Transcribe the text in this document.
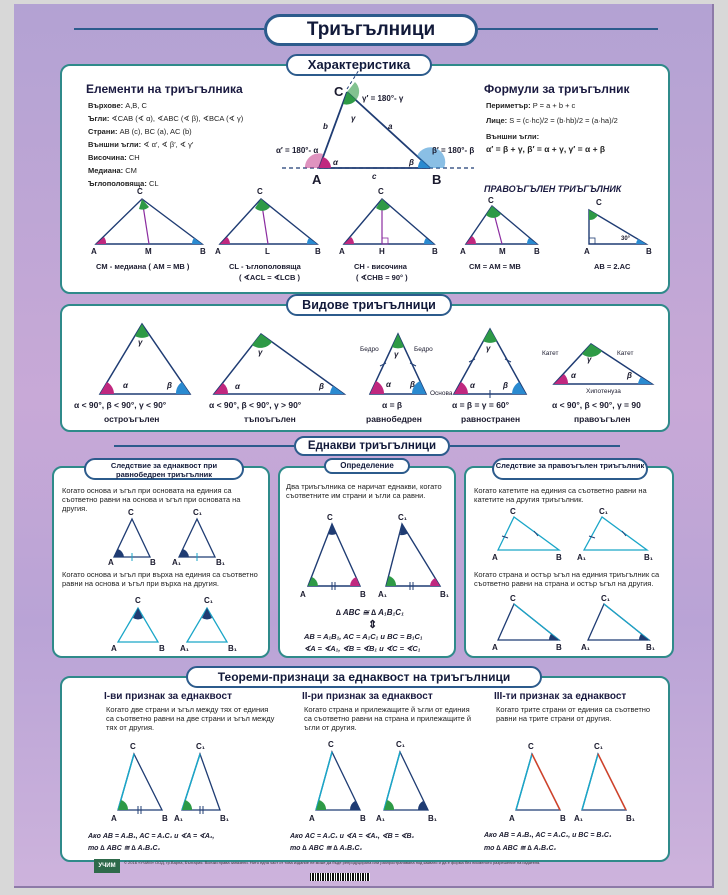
Триъгълници
Характеристика
Елементи на триъгълника
Върхове: A,B, C
Ъгли: ∢CAB (∢ α), ∢ABC (∢ β), ∢BCA (∢ γ)
Страни: AB (c), BC (a), AC (b)
Външни ъгли: ∢ α′, ∢ β′, ∢ γ′
Височина: CH
Медиана: CM
Ъглополовяща: CL
C
A	B
b	a
c
γ′ = 180°- γ
α′ = 180°- α	β′ = 180°- β
α	β
γ
Формули за триъгълник
Периметър: P = a + b + c
Лице: S = (c·hc)/2 = (b·hb)/2 = (a·ha)/2
Външни ъгли:
α′ = β + γ, β′ = α + γ, γ′ = α + β
ПРАВОЪГЪЛЕН ТРИЪГЪЛНИК
C
A	M	B
C
A	L	B
C
A	H	B
C
A	M	B
C
A	B
30°
CM - медиана ( AM = MB )	CL - ъглополовяща
( ∢ACL = ∢LCB )
CH - височина
( ∢CHB = 90° )
CM = AM = MB	AB = 2.AC
Видове триъгълници
γ
α	β
γ
α	β
γ
α β
γ
α	β
γ
α	β
Бедро	Бедро
Основа
Катет	Катет
Хипотенуза
α < 90°, β < 90°, γ < 90°
остроъгълен
α < 90°, β < 90°, γ > 90°
тъпоъгълен
α = β
равнобедрен
α = β = γ = 60°
равностранен
α < 90°, β < 90°, γ = 90
правоъгълен
Еднакви триъгълници
Следствие за еднаквост при равнобедрен триъгълник
Когато основа и ъгъл при основата на единия са съответно равни на основа и ъгъл при основата на другия.
Когато основа и ъгъл при върха на единия са съответно равни на основа и ъгъл при върха на другия.
C
A	B
C₁
A₁	B₁
C
A	B
C₁
A₁	B₁
Определение
Два триъгълника се наричат еднакви, когато съответните им страни и ъгли са равни.
C
A	B
C₁
A₁	B₁
∆ ABC ≅ ∆ A₁B₁C₁
⇕
AB = A₁B₁, AC = A₁C₁ и BC = B₁C₁
∢A = ∢A₁, ∢B = ∢B₁ и ∢C = ∢C₁
Следствие за правоъгълен триъгълник
Когато катетите на единия са съответно равни на катетите на другия триъгълник.
Когато страна и остър ъгъл на единия триъгълник са съответно равни на страна и остър ъгъл на другия.
C
A	B
C₁
A₁	B₁
C
A	B
C₁
A₁	B₁
Теореми-признаци за еднаквост на триъгълници
I-ви признак за еднаквост
Когато две страни и ъгъл между тях от единия са съответно равни на две страни и ъгъл между тях от другия.
II-ри признак за еднаквост
Когато страна и прилежащите й ъгли от единия са съответно равни на страна и прилежащите й ъгли от другия.
III-ти признак за еднаквост
Когато трите страни от единия са съответно равни на трите страни от другия.
C
A	B
C₁
A₁	B₁
C
A	B
C₁
A₁	B₁
C
A	B
C₁
A₁	B₁
Ако AB = A₁B₁, AC = A₁C₁ и ∢A = ∢A₁,
то ∆ ABC ≅ ∆ A₁B₁C₁
Ако AC = A₁C₁ и ∢A = ∢A₁, ∢B = ∢B₁
то ∆ ABC ≅ ∆ A₁B₁C₁
Ако AB = A₁B₁, AC = A₁C₁, и BC = B₁C₁
то ∆ ABC ≅ ∆ A₁B₁C₁
УЧИМ
© 2016 «УЧИМ» ООД, гр.Варна, България. Всички права запазени. Нито една част от това издание не може да бъде репродуцирана или разпространявана под каквато и да е форма без писменото разрешение на издателя.
